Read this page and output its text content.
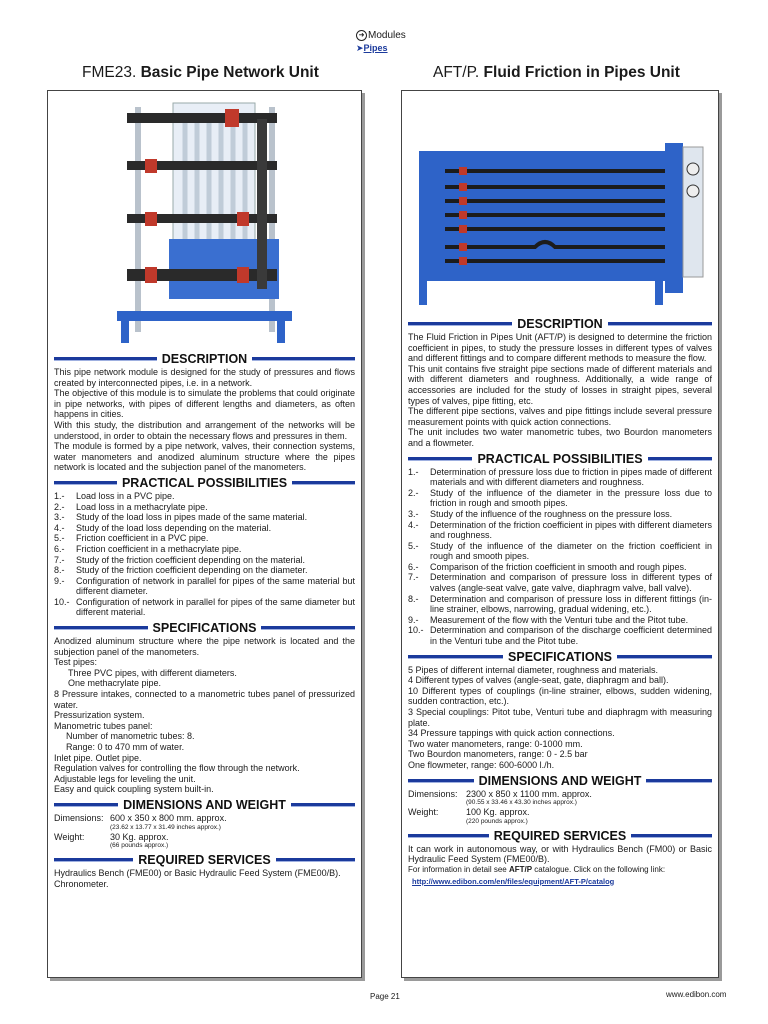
➜ Modules
➤Pipes
FME23. Basic Pipe Network Unit	AFT/P. Fluid Friction in Pipes Unit
DESCRIPTION

This pipe network module is designed for the study of pressures and flows created by interconnected pipes, i.e. in a network.

The objective of this module is to simulate the problems that could originate in pipe networks, with pipes of different lengths and diameters, as often happens in cities.

With this study, the distribution and arrangement of the networks will be understood, in order to obtain the necessary flows and pressures in them.

The module is formed by a pipe network, valves, their connection systems, water manometers and anodized aluminum structure where the pipes network is located and the subjection panel of the manometers.

PRACTICAL POSSIBILITIES
1.-	Load loss in a PVC pipe.
2.-	Load loss in a methacrylate pipe.
3.-	Study of the load loss in pipes made of the same material.
4.-	Study of the load loss depending on the material.
5.-	Friction coefficient in a PVC pipe.
6.-	Friction coefficient in a methacrylate pipe.
7.-	Study of the friction coefficient depending on the material.
8.-	Study of the friction coefficient depending on the diameter.
9.-	Configuration of network in parallel for pipes of the same material but different diameter.
10.- Configuration of network in parallel for pipes of the same diameter but different material.
SPECIFICATIONS

Anodized aluminum structure where the pipe network is located and the subjection panel of the manometers.

Test pipes:

Three PVC pipes, with different diameters.

One methacrylate pipe.

8 Pressure intakes, connected to a manometric tubes panel of pressurized water.

Pressurization system.

Manometric tubes panel:

Number of manometric tubes: 8.

Range: 0 to 470 mm of water.

Inlet pipe. Outlet pipe.

Regulation valves for controlling the flow through the network.

Adjustable legs for leveling the unit.

Easy and quick coupling system built-in.

DIMENSIONS AND WEIGHT
Dimensions: 600 x 350 x 800 mm. approx.
(23.62 x 13.77 x 31.49 inches approx.)
Weight:	30 Kg. approx.
(66 pounds approx.)
REQUIRED SERVICES

Hydraulics Bench (FME00) or Basic Hydraulic Feed System (FME00/B).

Chronometer.

DESCRIPTION

The Fluid Friction in Pipes Unit (AFT/P) is designed to determine the friction coefficient in pipes, to study the pressure losses in different types of valves and different fittings and to compare different methods to measure the flow.

This unit contains five straight pipe sections made of different materials and with different diameters and roughness. Additionally, a wide range of accessories are included for the study of losses in straight pipes, several types of valves, pipe fitting, etc.

The different pipe sections, valves and pipe fittings include several pressure measurement points with quick action connections.

The unit includes two water manometric tubes, two Bourdon manometers and a flowmeter.

PRACTICAL POSSIBILITIES
1.-	Determination of pressure loss due to friction in pipes made of different materials and with different diameters and roughness.
2.-	Study of the influence of the diameter in the pressure loss due to friction in rough and smooth pipes.
3.-	Study of the influence of the roughness on the pressure loss.
4.-	Determination of the friction coefficient in pipes with different diameters and roughness.
5.-	Study of the influence of the diameter on the friction coefficient in rough and smooth pipes.
6.-	Comparison of the friction coefficient in smooth and rough pipes.
7.-	Determination and comparison of pressure loss in different types of valves (angle-seat valve, gate valve, diaphragm valve, ball valve).
8.-	Determination and comparison of pressure loss in different fittings (in-line strainer, elbows, narrowing, gradual widening, etc.).
9.-	Measurement of the flow with the Venturi tube and the Pitot tube.
10.- Determination and comparison of the discharge coefficient determined in the Venturi tube and the Pitot tube.
SPECIFICATIONS

5 Pipes of different internal diameter, roughness and materials.

4 Different types of valves (angle-seat, gate, diaphragm and ball).

10 Different types of couplings (in-line strainer, elbows, sudden widening, sudden contraction, etc.).

3 Special couplings: Pitot tube, Venturi tube and diaphragm with measuring plate.

34 Pressure tappings with quick action connections.

Two water manometers, range: 0-1000 mm.

Two Bourdon manometers, range: 0 - 2.5 bar

One flowmeter, range: 600-6000 l./h.

DIMENSIONS AND WEIGHT
Dimensions: 2300 x 850 x 1100 mm. approx.
(90.55 x 33.46 x 43.30 inches approx.)
Weight:	100 Kg. approx.
(220 pounds approx.)
REQUIRED SERVICES

It can work in autonomous way, or with Hydraulics Bench (FM00) or Basic Hydraulic Feed System (FME00/B).

For information in detail see AFT/P catalogue. Click on the following link:

http://www.edibon.com/en/files/equipment/AFT-P/catalog

Page 21	www.edibon.com
